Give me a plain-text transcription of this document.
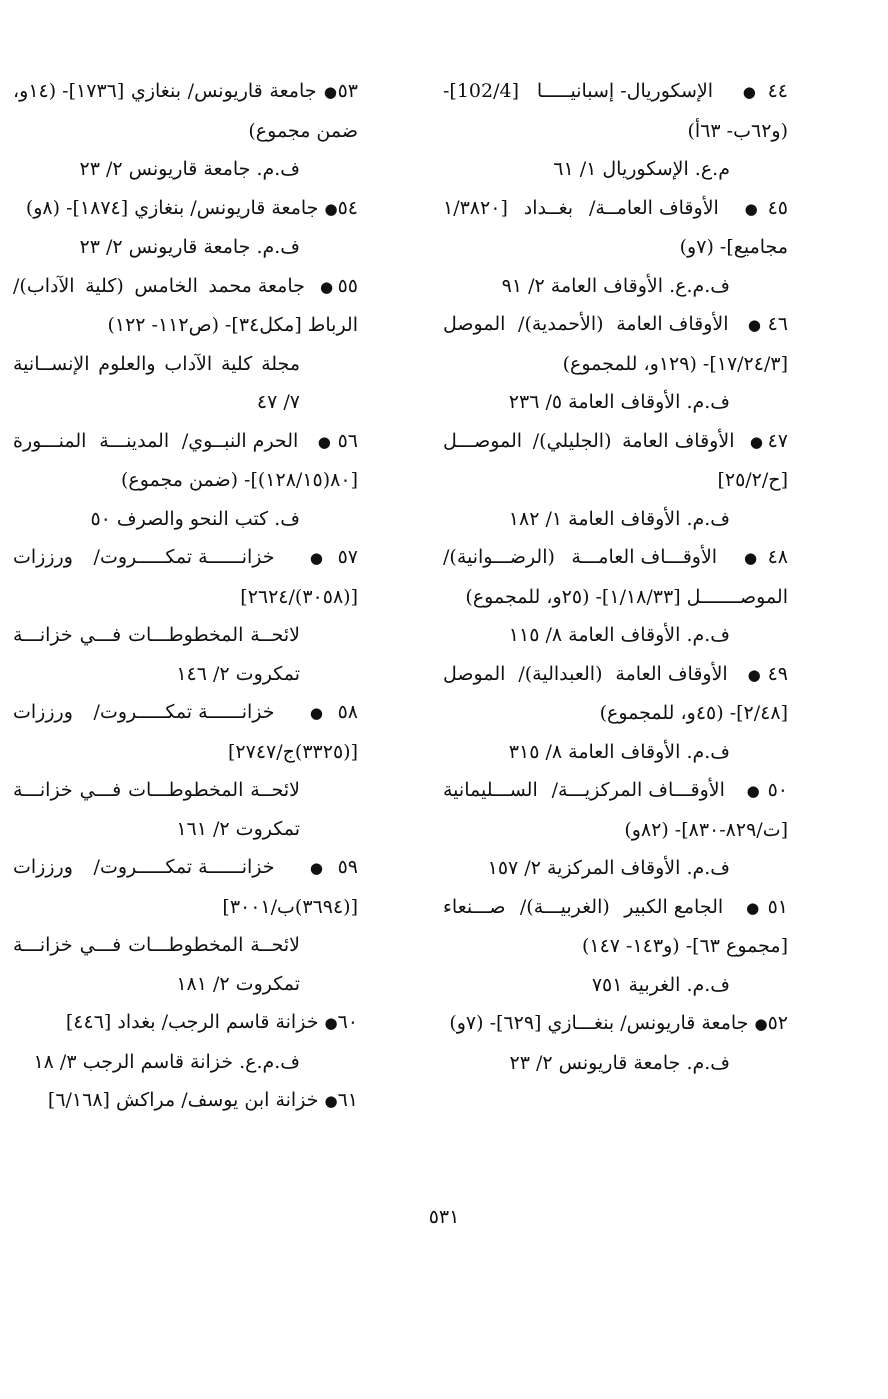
٤٤● الإسكوريال- إسبانيـــــا [102/4]- (و٦٢ب- ٦٣أ)
م.ع. الإسكوريال ١/ ٦١
٤٥● الأوقاف العامــة/ بغــداد [١/٣٨٢٠ مجاميع]- (٧و)
ف.م.ع. الأوقاف العامة ٢/ ٩١
٤٦● الأوقاف العامة (الأحمدية)/ الموصل [١٧/٢٤/٣]- (١٢٩و، للمجموع)
ف.م. الأوقاف العامة ٥/ ٢٣٦
٤٧● الأوقاف العامة (الجليلي)/ الموصـــل [ح/٢٥/٢]
ف.م. الأوقاف العامة ١/ ١٨٢
٤٨● الأوقـــاف العامـــة (الرضـــوانية)/ الموصـــــــل [١/١٨/٣٣]- (٢٥و، للمجموع)
ف.م. الأوقاف العامة ٨/ ١١٥
٤٩● الأوقاف العامة (العبدالية)/ الموصل [٢/٤٨]- (٤٥و، للمجموع)
ف.م. الأوقاف العامة ٨/ ٣١٥
٥٠● الأوقـــاف المركزيـــة/ الســـليمانية [ت/٨٢٩-٨٣٠]- (٨٢و)
ف.م. الأوقاف المركزية ٢/ ١٥٧
٥١● الجامع الكبير (الغربيـــة)/ صـــنعاء [مجموع ٦٣]- (و١٤٣- ١٤٧)
ف.م. الغربية ٧٥١
٥٢● جامعة قاريونس/ بنغـــازي [٦٢٩]- (٧و)
ف.م. جامعة قاريونس ٢/ ٢٣
٥٣● جامعة قاريونس/ بنغازي [١٧٣٦]- (١٤و، ضمن مجموع)
ف.م. جامعة قاريونس ٢/ ٢٣
٥٤● جامعة قاريونس/ بنغازي [١٨٧٤]- (٨و)
ف.م. جامعة قاريونس ٢/ ٢٣
٥٥● جامعة محمد الخامس (كلية الآداب)/ الرباط [مكل٣٤]- (ص١١٢- ١٢٢)
مجلة كلية الآداب والعلوم الإنســانية ٧/ ٤٧
٥٦● الحرم النبــوي/ المدينـــة المنـــورة [٨٠(١٢٨/١٥)]- (ضمن مجموع)
ف. كتب النحو والصرف ٥٠
٥٧● خزانــــــة تمكـــــروت/ ورززات [(٣٠٥٨)/٢٦٢٤]
لائحــة المخطوطـــات فـــي خزانـــة تمكروت ٢/ ١٤٦
٥٨● خزانــــــة تمكـــــروت/ ورززات [(٣٣٢٥)ج/٢٧٤٧]
لائحــة المخطوطـــات فـــي خزانـــة تمكروت ٢/ ١٦١
٥٩● خزانــــــة تمكـــــروت/ ورززات [(٣٦٩٤)ب/٣٠٠١]
لائحــة المخطوطـــات فـــي خزانـــة تمكروت ٢/ ١٨١
٦٠● خزانة قاسم الرجب/ بغداد [٤٤٦]
ف.م.ع. خزانة قاسم الرجب ٣/ ١٨
٦١● خزانة ابن يوسف/ مراكش [٦/١٦٨]
٥٣١
